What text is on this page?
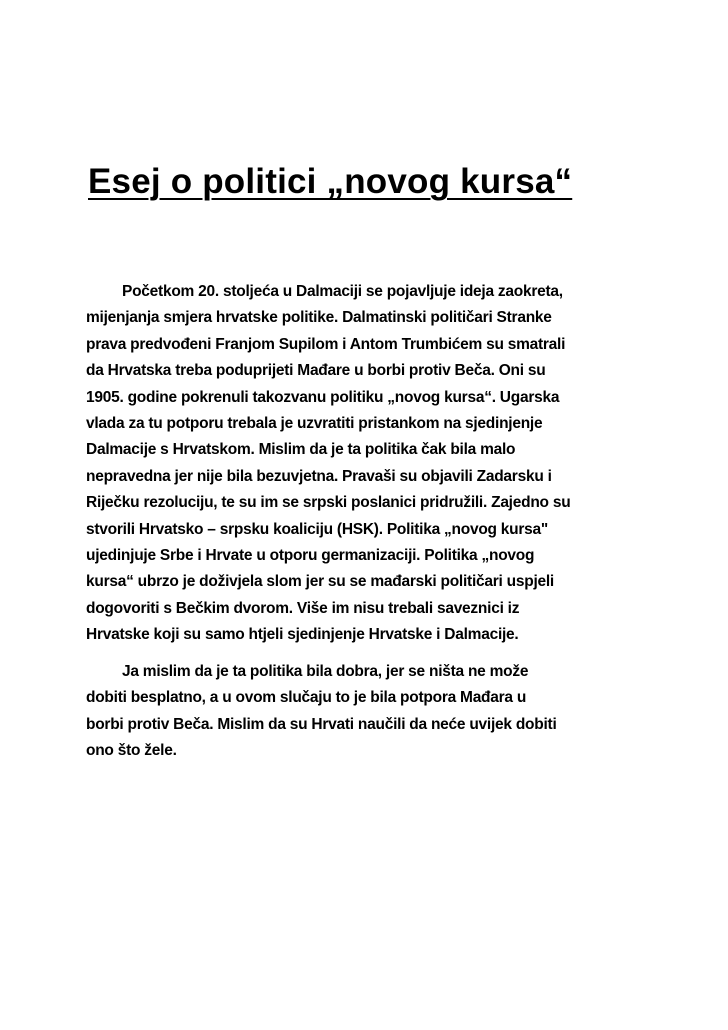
Esej o politici „novog kursa“
Početkom 20. stoljeća u Dalmaciji se pojavljuje ideja zaokreta,
mijenjanja smjera hrvatske politike. Dalmatinski političari Stranke
prava predvođeni Franjom Supilom i Antom Trumbićem su smatrali
da Hrvatska treba poduprijeti Mađare u borbi protiv Beča. Oni su
1905. godine pokrenuli takozvanu politiku „novog kursa“. Ugarska
vlada za tu potporu trebala je uzvratiti pristankom na sjedinjenje
Dalmacije s Hrvatskom. Mislim da je ta politika čak bila malo
nepravedna jer nije bila bezuvjetna. Pravaši su objavili Zadarsku i
Riječku rezoluciju, te su im se srpski poslanici pridružili. Zajedno su
stvorili Hrvatsko – srpsku koaliciju (HSK). Politika „novog kursa"
ujedinjuje Srbe i Hrvate u otporu germanizaciji. Politika „novog
kursa“ ubrzo je doživjela slom jer su se mađarski političari uspjeli
dogovoriti s Bečkim dvorom. Više im nisu trebali saveznici iz
Hrvatske koji su samo htjeli sjedinjenje Hrvatske i Dalmacije.
Ja mislim da je ta politika bila dobra, jer se ništa ne može
dobiti besplatno, a u ovom slučaju to je bila potpora Mađara u
borbi protiv Beča. Mislim da su Hrvati naučili da neće uvijek dobiti
ono što žele.
